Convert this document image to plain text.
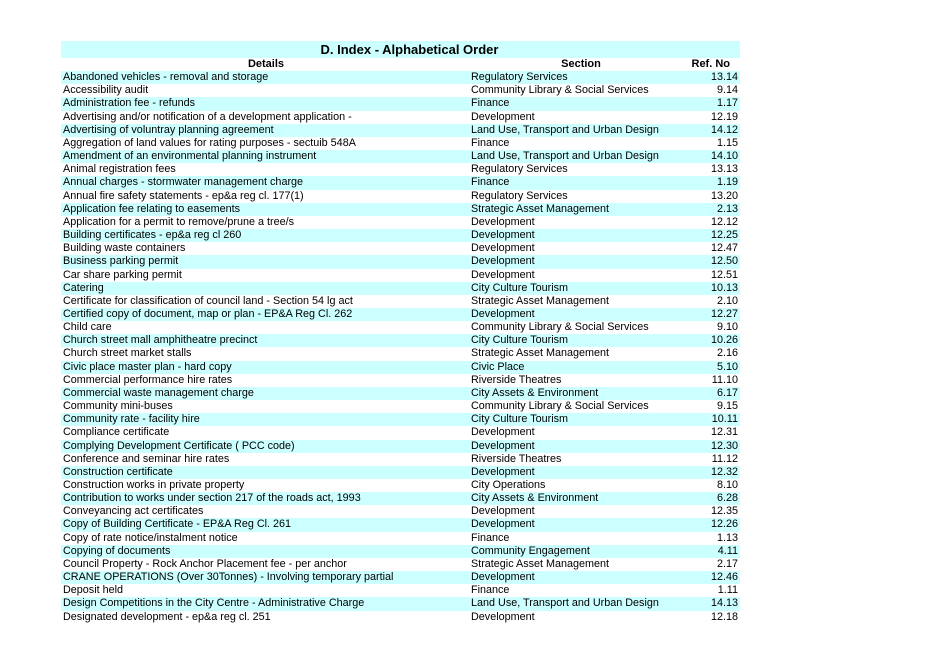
D. Index - Alphabetical Order
Details	Section	Ref. No
Abandoned vehicles - removal and storage	Regulatory Services	13.14
Accessibility audit	Community Library & Social Services	9.14
Administration fee - refunds	Finance	1.17
Advertising and/or notification of a development application -	Development	12.19
Advertising of voluntray planning agreement	Land Use, Transport and Urban Design	14.12
Aggregation of land values for rating purposes - sectuib 548A	Finance	1.15
Amendment of an environmental planning instrument	Land Use, Transport and Urban Design	14.10
Animal registration fees	Regulatory Services	13.13
Annual charges - stormwater management charge	Finance	1.19
Annual fire safety statements - ep&a reg cl. 177(1)	Regulatory Services	13.20
Application fee relating to easements	Strategic Asset Management	2.13
Application for a permit to remove/prune a tree/s	Development	12.12
Building certificates - ep&a reg cl 260	Development	12.25
Building waste containers	Development	12.47
Business parking permit	Development	12.50
Car share parking permit	Development	12.51
Catering	City Culture Tourism	10.13
Certificate for classification of council land - Section 54 lg act	Strategic Asset Management	2.10
Certified copy of document, map or plan - EP&A Reg Cl. 262	Development	12.27
Child care	Community Library & Social Services	9.10
Church street mall amphitheatre precinct	City Culture Tourism	10.26
Church street market stalls	Strategic Asset Management	2.16
Civic place master plan - hard copy	Civic Place	5.10
Commercial performance hire rates	Riverside Theatres	11.10
Commercial waste management charge	City Assets & Environment	6.17
Community mini-buses	Community Library & Social Services	9.15
Community rate - facility hire	City Culture Tourism	10.11
Compliance certificate	Development	12.31
Complying Development Certificate ( PCC code)	Development	12.30
Conference and seminar hire rates	Riverside Theatres	11.12
Construction certificate	Development	12.32
Construction works in private property	City Operations	8.10
Contribution to works under section 217 of the roads act, 1993	City Assets & Environment	6.28
Conveyancing act certificates	Development	12.35
Copy of Building Certificate - EP&A Reg Cl. 261	Development	12.26
Copy of rate notice/instalment notice	Finance	1.13
Copying of documents	Community Engagement	4.11
Council Property - Rock Anchor Placement fee - per anchor	Strategic Asset Management	2.17
CRANE OPERATIONS (Over 30Tonnes) - Involving temporary partial	Development	12.46
Deposit held	Finance	1.11
Design Competitions in the City Centre - Administrative Charge	Land Use, Transport and Urban Design	14.13
Designated development - ep&a reg cl. 251	Development	12.18
